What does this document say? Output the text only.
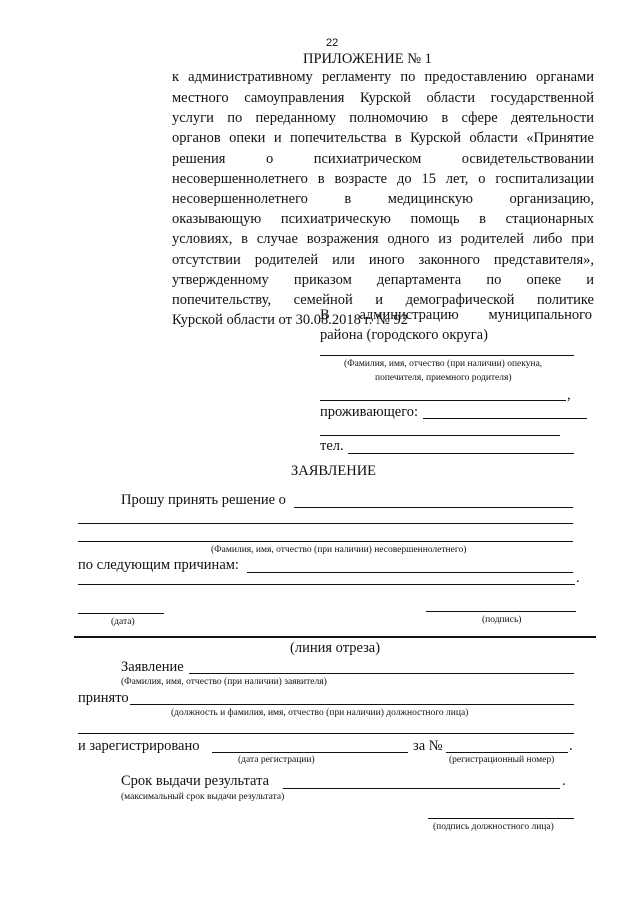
22
ПРИЛОЖЕНИЕ № 1
к административному регламенту по предоставлению органами
местного самоуправления Курской области государственной
услуги по переданному полномочию в сфере деятельности
органов опеки и попечительства в Курской области «Принятие
решения о психиатрическом освидетельствовании
несовершеннолетнего в возрасте до 15 лет, о госпитализации
несовершеннолетнего в медицинскую организацию,
оказывающую психиатрическую помощь в стационарных
условиях, в случае возражения одного из родителей либо при
отсутствии родителей или иного законного представителя»,
утвержденному приказом департамента по опеке и
попечительству, семейной и демографической политике
Курской области от 30.08.2018 г. № 92
В администрацию муниципального
района (городского округа)
(Фамилия, имя, отчество (при наличии) опекуна,
попечителя, приемного родителя)
,
проживающего:
тел.
ЗАЯВЛЕНИЕ
Прошу принять решение о
(Фамилия, имя, отчество (при наличии) несовершеннолетнего)
по следующим причинам:
.
(дата)	(подпись)
(линия отреза)
Заявление
(Фамилия, имя, отчество (при наличии) заявителя)
принято
(должность и фамилия, имя, отчество (при наличии) должностного лица)
и зарегистрировано	за №	.
(дата регистрации)	(регистрационный номер)
Срок выдачи результата	.
(максимальный срок выдачи результата)
(подпись должностного лица)
